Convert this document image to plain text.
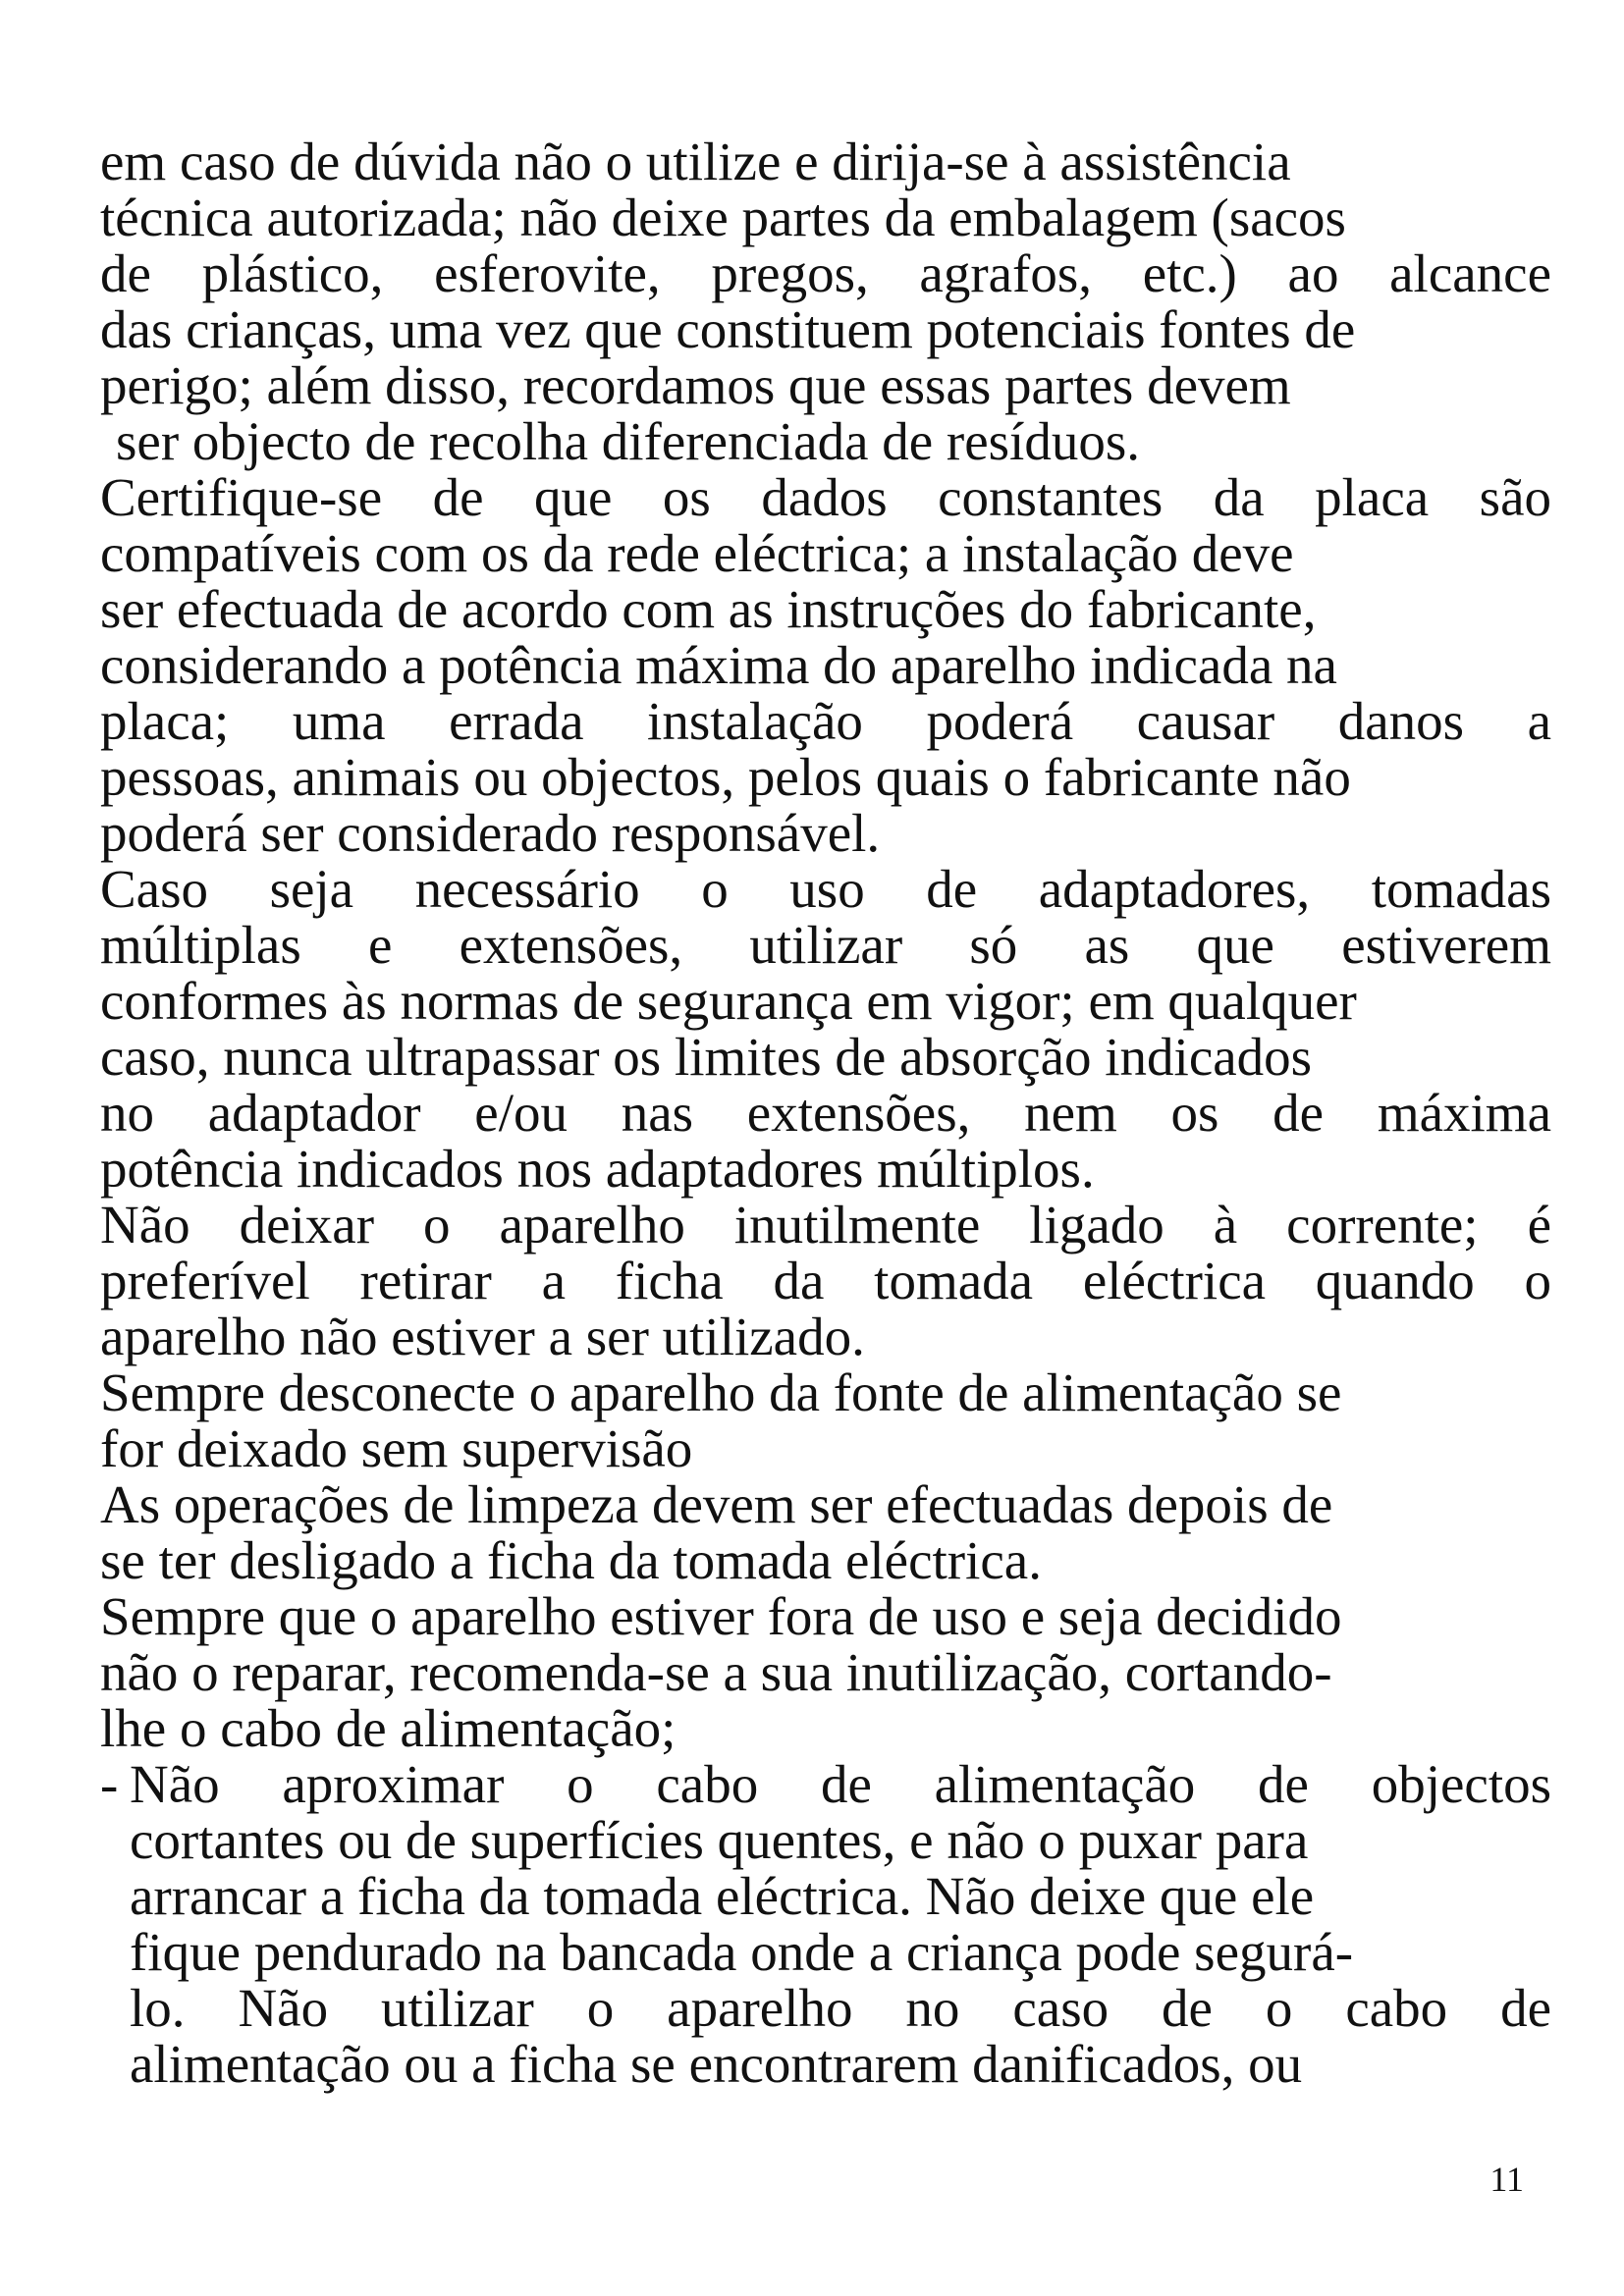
em caso de dúvida não o utilize e dirija-se à assistência
técnica autorizada; não deixe partes da embalagem (sacos
de plástico, esferovite, pregos, agrafos, etc.) ao alcance
das crianças, uma vez que constituem potenciais fontes de
perigo; além disso, recordamos que essas partes devem
ser objecto de recolha diferenciada de resíduos.
Certifique-se de que os dados constantes da placa são
compatíveis com os da rede eléctrica; a instalação deve
ser efectuada de acordo com as instruções do fabricante,
considerando a potência máxima do aparelho indicada na
placa; uma errada instalação poderá causar danos a
pessoas, animais ou objectos, pelos quais o fabricante não
poderá ser considerado responsável.
Caso seja necessário o uso de adaptadores, tomadas
múltiplas e extensões, utilizar só as que estiverem
conformes às normas de segurança em vigor; em qualquer
caso, nunca ultrapassar os limites de absorção indicados
no adaptador e/ou nas extensões, nem os de máxima
potência indicados nos adaptadores múltiplos.
Não deixar o aparelho inutilmente ligado à corrente; é
preferível retirar a ficha da tomada eléctrica quando o
aparelho não estiver a ser utilizado.
Sempre desconecte o aparelho da fonte de alimentação se
for deixado sem supervisão
As operações de limpeza devem ser efectuadas depois de
se ter desligado a ficha da tomada eléctrica.
Sempre que o aparelho estiver fora de uso e seja decidido
não o reparar, recomenda-se a sua inutilização, cortando-
lhe o cabo de alimentação;
- Não aproximar o cabo de alimentação de objectos
cortantes ou de superfícies quentes, e não o puxar para
arrancar a ficha da tomada eléctrica. Não deixe que ele
fique pendurado na bancada onde a criança pode segurá-
lo. Não utilizar o aparelho no caso de o cabo de
alimentação ou a ficha se encontrarem danificados, ou
11
